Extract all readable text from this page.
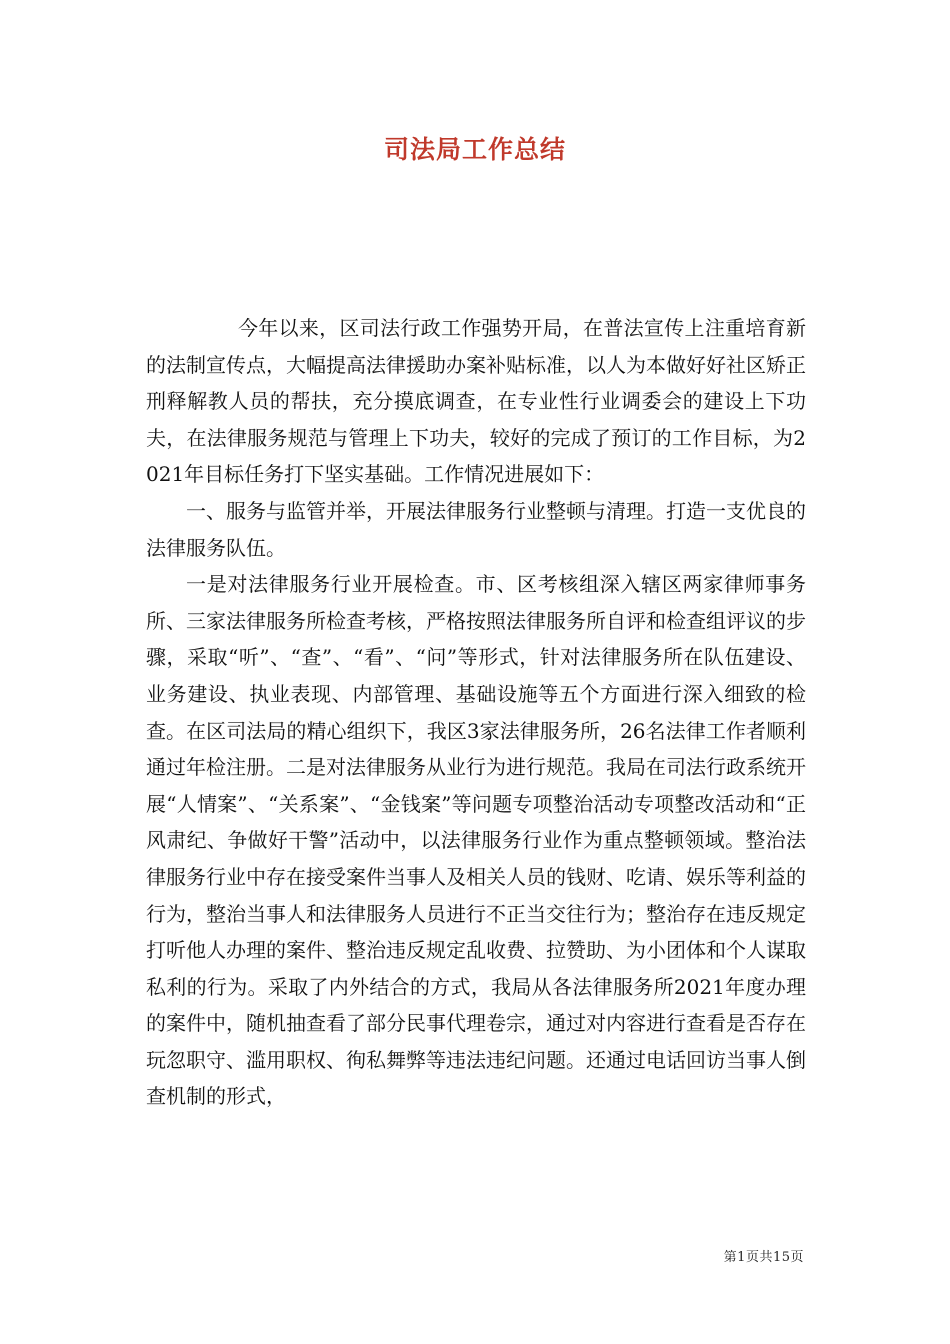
司法局工作总结

今年以来，区司法行政工作强势开局，在普法宣传上注重培育新的法制宣传点，大幅提高法律援助办案补贴标准，以人为本做好好社区矫正刑释解教人员的帮扶，充分摸底调查，在专业性行业调委会的建设上下功夫，在法律服务规范与管理上下功夫，较好的完成了预订的工作目标，为2021年目标任务打下坚实基础。工作情况进展如下：

一、服务与监管并举，开展法律服务行业整顿与清理。打造一支优良的法律服务队伍。

一是对法律服务行业开展检查。市、区考核组深入辖区两家律师事务所、三家法律服务所检查考核，严格按照法律服务所自评和检查组评议的步骤，采取“听”、“查”、“看”、“问”等形式，针对法律服务所在队伍建设、业务建设、执业表现、内部管理、基础设施等五个方面进行深入细致的检查。在区司法局的精心组织下，我区3家法律服务所，26名法律工作者顺利通过年检注册。二是对法律服务从业行为进行规范。我局在司法行政系统开展“人情案”、“关系案”、“金钱案”等问题专项整治活动专项整改活动和“正风肃纪、争做好干警”活动中，以法律服务行业作为重点整顿领域。整治法律服务行业中存在接受案件当事人及相关人员的钱财、吃请、娱乐等利益的行为，整治当事人和法律服务人员进行不正当交往行为；整治存在违反规定打听他人办理的案件、整治违反规定乱收费、拉赞助、为小团体和个人谋取私利的行为。采取了内外结合的方式，我局从各法律服务所2021年度办理的案件中，随机抽查看了部分民事代理卷宗，通过对内容进行查看是否存在玩忽职守、滥用职权、徇私舞弊等违法违纪问题。还通过电话回访当事人倒查机制的形式，

第1页共15页
